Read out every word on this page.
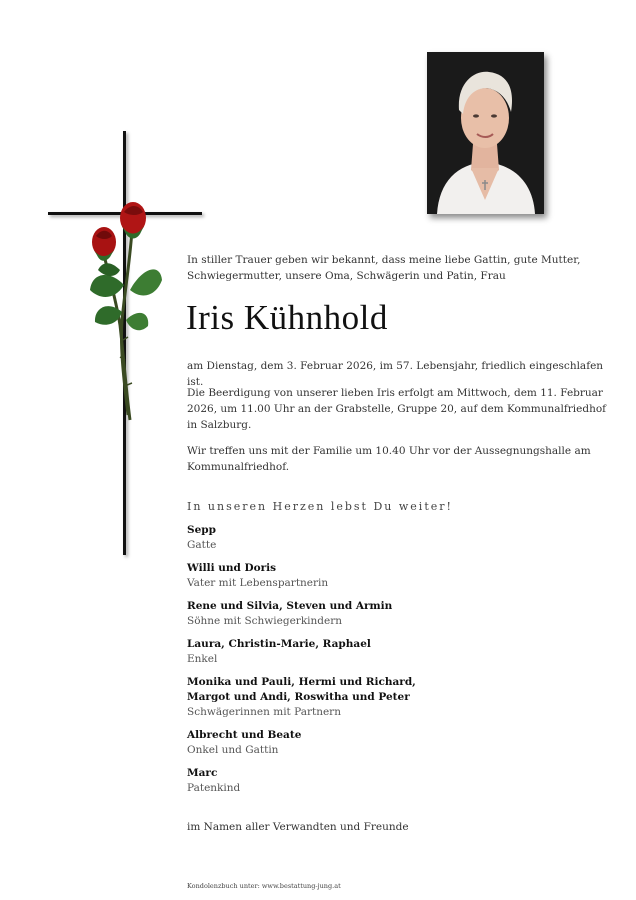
In stiller Trauer geben wir bekannt, dass meine liebe Gattin, gute Mutter, Schwiegermutter, unsere Oma, Schwägerin und Patin, Frau
Iris Kühnhold
am Dienstag, dem 3. Februar 2026, im 57. Lebensjahr, friedlich eingeschlafen ist.
Die Beerdigung von unserer lieben Iris erfolgt am Mittwoch, dem 11. Februar 2026, um 11.00 Uhr an der Grabstelle, Gruppe 20, auf dem Kommunalfriedhof in Salzburg.
Wir treffen uns mit der Familie um 10.40 Uhr vor der Aussegnungshalle am Kommunalfriedhof.
In unseren Herzen lebst Du weiter!
Sepp
Gatte
Willi und Doris
Vater mit Lebenspartnerin
Rene und Silvia, Steven und Armin
Söhne mit Schwiegerkindern
Laura, Christin-Marie, Raphael
Enkel
Monika und Pauli, Hermi und Richard,
Margot und Andi, Roswitha und Peter
Schwägerinnen mit Partnern
Albrecht und Beate
Onkel und Gattin
Marc
Patenkind
im Namen aller Verwandten und Freunde
Kondolenzbuch unter: www.bestattung-jung.at
